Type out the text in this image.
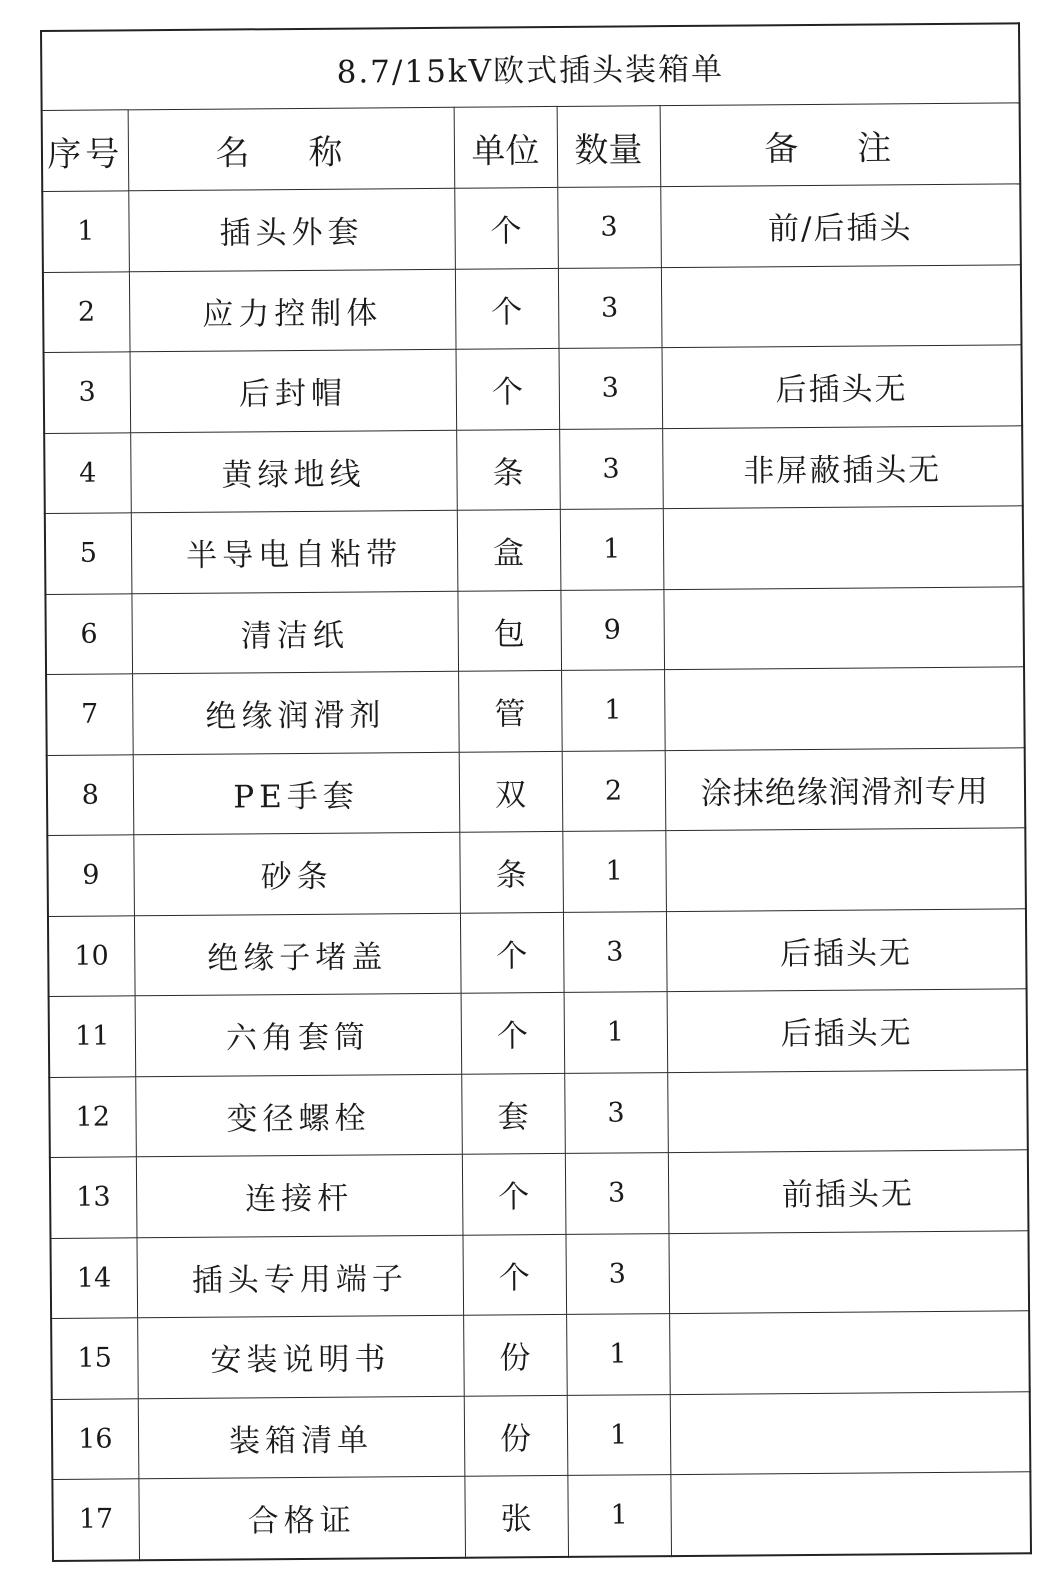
8.7/15kV欧式插头装箱单				
序号	名 称	单位	数量	备 注
1	插头外套	个	3	前/后插头
2	应力控制体	个	3	
3	后封帽	个	3	后插头无
4	黄绿地线	条	3	非屏蔽插头无
5	半导电自粘带	盒	1	
6	清洁纸	包	9	
7	绝缘润滑剂	管	1	
8	PE手套	双	2	涂抹绝缘润滑剂专用
9	砂条	条	1	
10	绝缘子堵盖	个	3	后插头无
11	六角套筒	个	1	后插头无
12	变径螺栓	套	3	
13	连接杆	个	3	前插头无
14	插头专用端子	个	3	
15	安装说明书	份	1	
16	装箱清单	份	1	
17	合格证	张	1	
